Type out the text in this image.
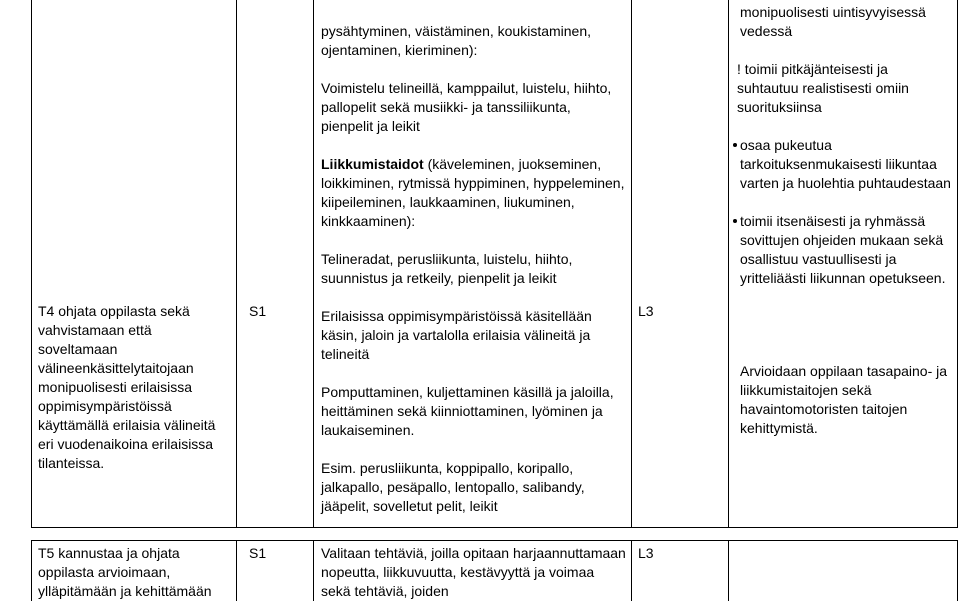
T4 ohjata oppilasta sekä vahvistamaan että soveltamaan välineenkäsittelytaitojaan monipuolisesti erilaisissa oppimisympäristöissä käyttämällä erilaisia välineitä eri vuodenaikoina erilaisissa tilanteissa.

S1

pysähtyminen, väistäminen, koukistaminen, ojentaminen, kieriminen):

Voimistelu telineillä, kamppailut, luistelu, hiihto, pallopelit sekä musiikki- ja tanssiliikunta, pienpelit ja leikit

Liikkumistaidot (käveleminen, juokseminen, loikkiminen, rytmissä hyppiminen, hyppeleminen, kiipeileminen, laukkaaminen, liukuminen, kinkkaaminen):

Telineradat, perusliikunta, luistelu, hiihto, suunnistus ja retkeily, pienpelit ja leikit

Erilaisissa oppimisympäristöissä käsitellään käsin, jaloin ja vartalolla erilaisia välineitä ja telineitä

Pomputtaminen, kuljettaminen käsillä ja jaloilla, heittäminen sekä kiinniottaminen, lyöminen ja laukaiseminen.

Esim. perusliikunta, koppipallo, koripallo, jalkapallo, pesäpallo, lentopallo, salibandy, jääpelit, sovelletut pelit, leikit

L3

monipuolisesti uintisyvyisessä vedessä

! toimii pitkäjänteisesti ja suhtautuu realistisesti omiin suorituksiinsa

osaa pukeutua tarkoituksenmukaisesti liikuntaa varten ja huolehtia puhtaudestaan

toimii itsenäisesti ja ryhmässä sovittujen ohjeiden mukaan sekä osallistuu vastuullisesti ja yritteliäästi liikunnan opetukseen.

Arvioidaan oppilaan tasapaino- ja liikkumistaitojen sekä havaintomotoristen taitojen kehittymistä.

T5 kannustaa ja ohjata oppilasta arvioimaan, ylläpitämään ja kehittämään

S1	Valitaan tehtäviä, joilla opitaan harjaannuttamaan nopeutta, liikkuvuutta, kestävyyttä ja voimaa sekä tehtäviä, joiden

L3
